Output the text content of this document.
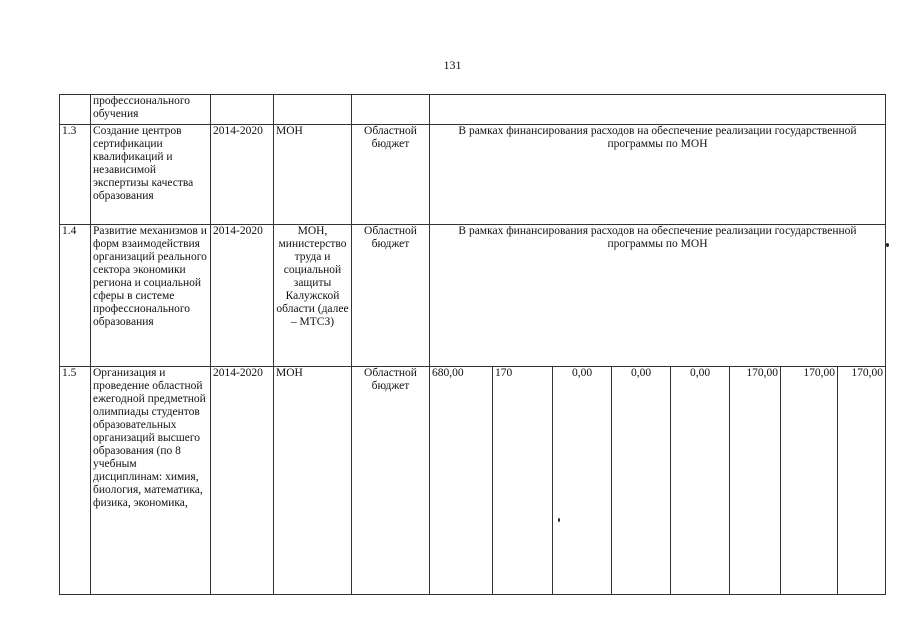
131
	профессионального обучения											
1.3	Создание центров сертификации квалификаций и независимой экспертизы качества образования	2014-2020	МОН	Областной бюджет	В рамках финансирования расходов на обеспечение реализации государственной программы по МОН							
1.4	Развитие механизмов и форм взаимодействия организаций реального сектора экономики региона и социальной сферы в системе профессионального образования	2014-2020	МОН, министерство труда и социальной защиты Калужской области (далее – МТСЗ)	Областной бюджет	В рамках финансирования расходов на обеспечение реализации государственной программы по МОН							
1.5	Организация и проведение областной ежегодной предметной олимпиады студентов образовательных организаций высшего образования (по 8 учебным дисциплинам: химия, биология, математика, физика, экономика,	2014-2020	МОН	Областной бюджет	680,00	170	0,00	0,00	0,00	170,00	170,00	170,00
